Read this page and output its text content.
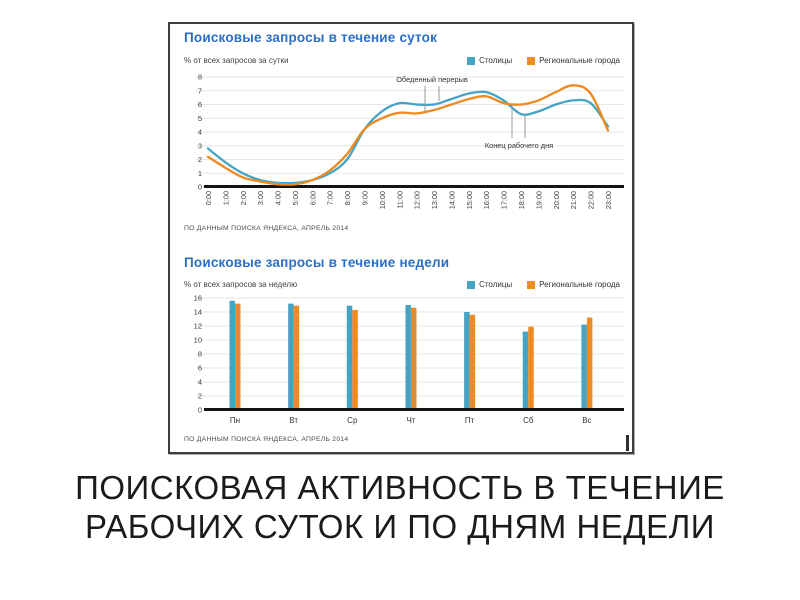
Поисковые запросы в течение суток
% от всех запросов за сутки	Столицы	Региональные города
0
1
2
3
4
5
6
7
8
0:00 1:00 2:00 3:00 4:00 5:00 6:00 7:00 8:00 9:00 10:00 11:00 12:00 13:00 14:00 15:00 16:00 17:00 18:00 19:00 20:00 21:00 22:00 23:00
Обеденный перерыв
Конец рабочего дня
ПО ДАННЫМ ПОИСКА ЯНДЕКСА, АПРЕЛЬ 2014
Поисковые запросы в течение недели
% от всех запросов за неделю	Столицы	Региональные города
0
2
4
6
8
10
12
14
16
Пн	Вт	Ср	Чт	Пт	Сб	Вс
ПО ДАННЫМ ПОИСКА ЯНДЕКСА, АПРЕЛЬ 2014
ПОИСКОВАЯ АКТИВНОСТЬ В ТЕЧЕНИЕ
РАБОЧИХ СУТОК И ПО ДНЯМ НЕДЕЛИ
